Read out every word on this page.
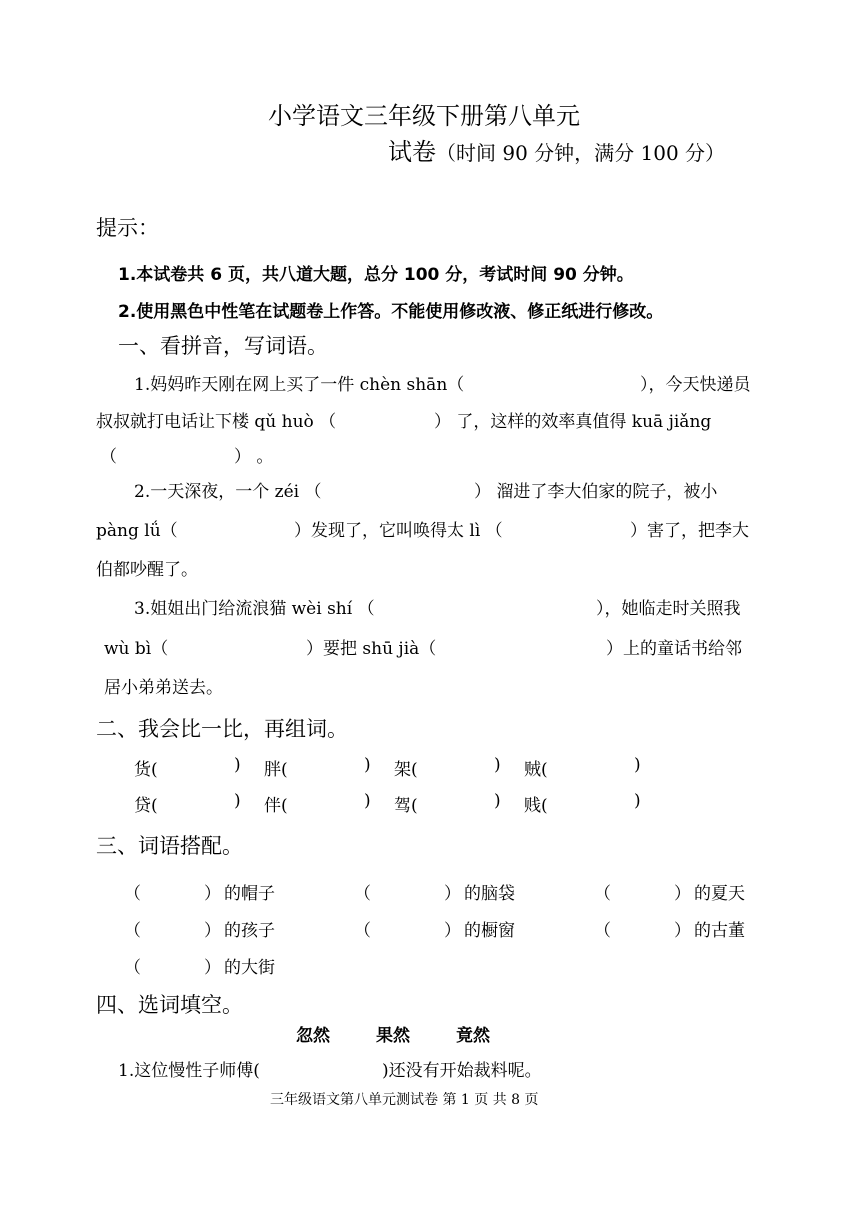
小学语文三年级下册第八单元
试卷（时间 90 分钟，满分 100 分）
提示：
1.本试卷共 6 页，共八道大题，总分 100 分，考试时间 90 分钟。
2.使用黑色中性笔在试题卷上作答。不能使用修改液、修正纸进行修改。
一、看拼音，写词语。
1.妈妈昨天刚在网上买了一件 chèn shān（	），今天快递员
叔叔就打电话让下楼 qǔ huò （	） 了，这样的效率真值得 kuā jiǎng
（	） 。
2.一天深夜，一个 zéi （	） 溜进了李大伯家的院子，被小
pàng lǘ（	）发现了，它叫唤得太 lì （	）害了，把李大
伯都吵醒了。
3.姐姐出门给流浪猫 wèi shí （	），她临走时关照我
wù bì（	）要把 shū jià（	）上的童话书给邻
居小弟弟送去。
二、我会比一比，再组词。
货(	) 胖(	) 架(	) 贼(	)
贷(	) 伴(	) 驾(	) 贱(	)
三、词语搭配。
（	） 的帽子	（	） 的脑袋	（	） 的夏天
（	） 的孩子	（	） 的橱窗	（	） 的古董
（	） 的大街
四、选词填空。
忽然	果然	竟然
1.这位慢性子师傅(	)还没有开始裁料呢。
三年级语文第八单元测试卷 第 1 页 共 8 页
